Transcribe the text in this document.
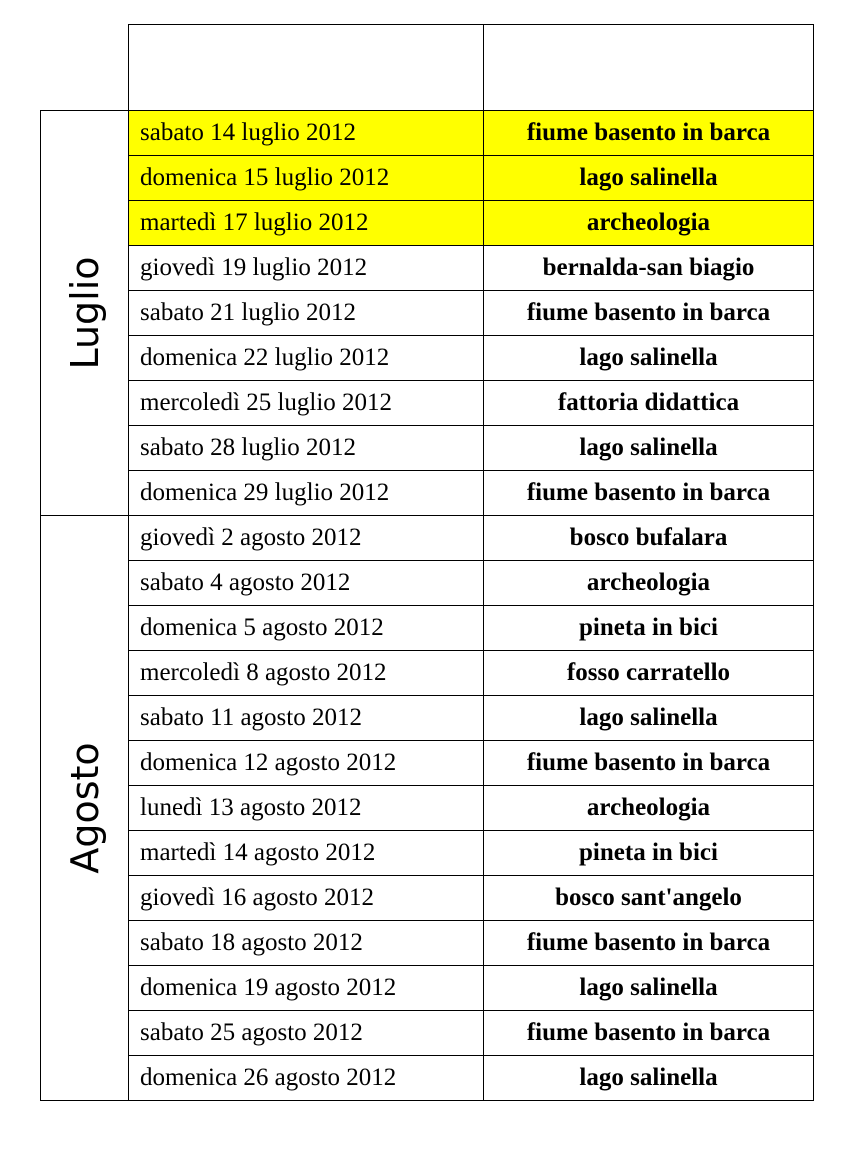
Luglio	sabato 14 luglio 2012	fiume basento in barca
	domenica 15 luglio 2012	lago salinella
	martedì 17 luglio 2012	archeologia
	giovedì 19 luglio 2012	bernalda-san biagio
	sabato 21 luglio 2012	fiume basento in barca
	domenica 22 luglio 2012	lago salinella
	mercoledì 25 luglio 2012	fattoria didattica
	sabato 28 luglio 2012	lago salinella
	domenica 29 luglio 2012	fiume basento in barca

Agosto	giovedì 2 agosto 2012	bosco bufalara
	sabato 4 agosto 2012	archeologia
	domenica 5 agosto 2012	pineta in bici
	mercoledì 8 agosto 2012	fosso carratello
	sabato 11 agosto 2012	lago salinella
	domenica 12 agosto 2012	fiume basento in barca
	lunedì 13 agosto 2012	archeologia
	martedì 14 agosto 2012	pineta in bici
	giovedì 16 agosto 2012	bosco sant'angelo
	sabato 18 agosto 2012	fiume basento in barca
	domenica 19 agosto 2012	lago salinella
	sabato 25 agosto 2012	fiume basento in barca
	domenica 26 agosto 2012	lago salinella
